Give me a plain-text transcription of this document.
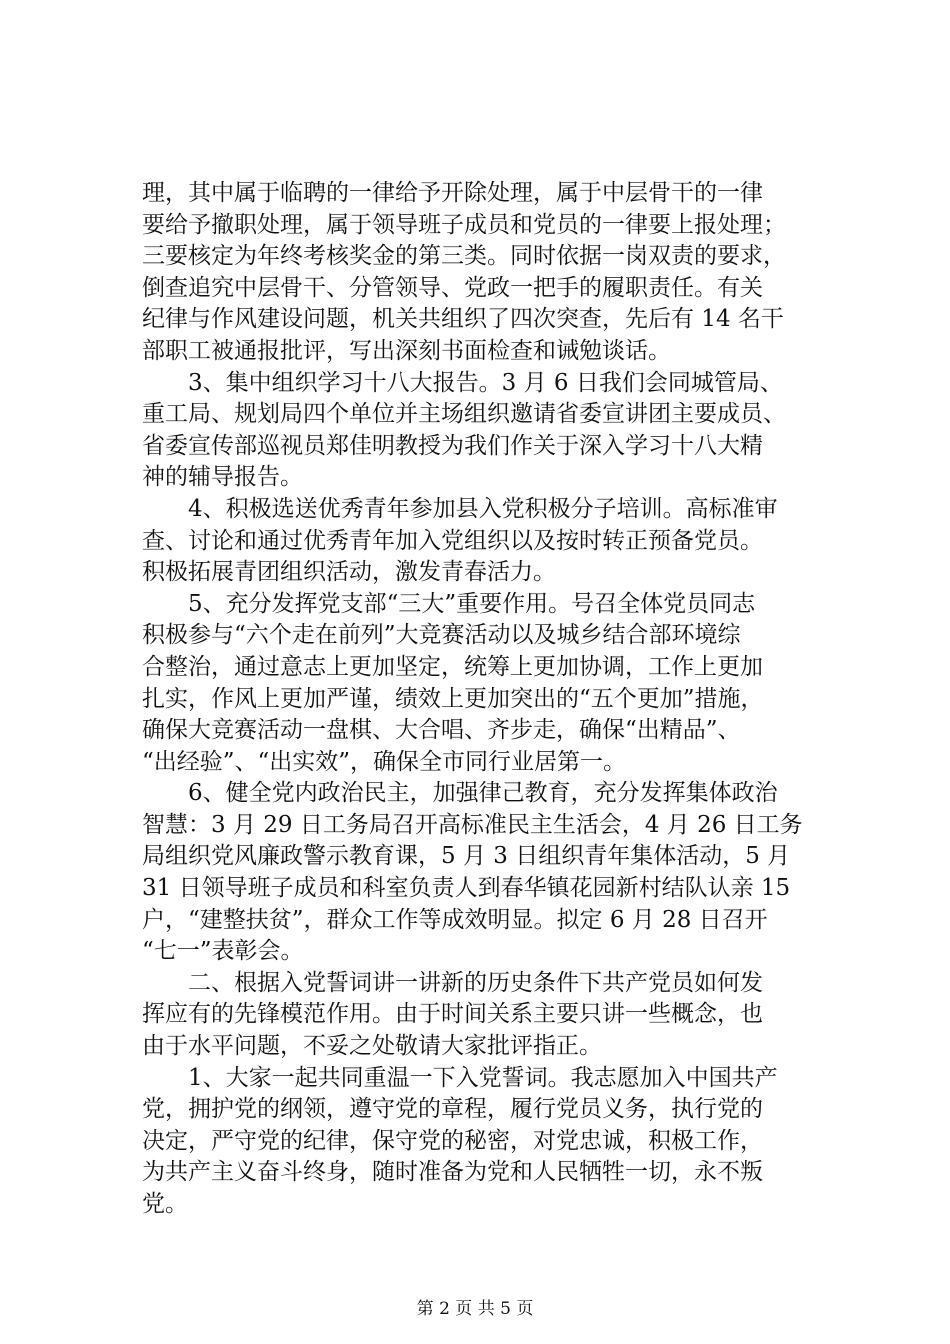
理，其中属于临聘的一律给予开除处理，属于中层骨干的一律
要给予撤职处理，属于领导班子成员和党员的一律要上报处理；
三要核定为年终考核奖金的第三类。同时依据一岗双责的要求，
倒查追究中层骨干、分管领导、党政一把手的履职责任。有关
纪律与作风建设问题，机关共组织了四次突查，先后有 14 名干
部职工被通报批评，写出深刻书面检查和诫勉谈话。
　　3、集中组织学习十八大报告。3 月 6 日我们会同城管局、
重工局、规划局四个单位并主场组织邀请省委宣讲团主要成员、
省委宣传部巡视员郑佳明教授为我们作关于深入学习十八大精
神的辅导报告。
　　4、积极选送优秀青年参加县入党积极分子培训。高标准审
查、讨论和通过优秀青年加入党组织以及按时转正预备党员。
积极拓展青团组织活动，激发青春活力。
　　5、充分发挥党支部“三大”重要作用。号召全体党员同志
积极参与“六个走在前列”大竞赛活动以及城乡结合部环境综
合整治，通过意志上更加坚定，统筹上更加协调，工作上更加
扎实，作风上更加严谨，绩效上更加突出的“五个更加”措施，
确保大竞赛活动一盘棋、大合唱、齐步走，确保“出精品”、
“出经验”、“出实效”，确保全市同行业居第一。
　　6、健全党内政治民主，加强律己教育，充分发挥集体政治
智慧：3 月 29 日工务局召开高标准民主生活会，4 月 26 日工务
局组织党风廉政警示教育课，5 月 3 日组织青年集体活动，5 月
31 日领导班子成员和科室负责人到春华镇花园新村结队认亲 15
户，“建整扶贫”，群众工作等成效明显。拟定 6 月 28 日召开
“七一”表彰会。
　　二、根据入党誓词讲一讲新的历史条件下共产党员如何发
挥应有的先锋模范作用。由于时间关系主要只讲一些概念，也
由于水平问题，不妥之处敬请大家批评指正。
　　1、大家一起共同重温一下入党誓词。我志愿加入中国共产
党，拥护党的纲领，遵守党的章程，履行党员义务，执行党的
决定，严守党的纪律，保守党的秘密，对党忠诚，积极工作，
为共产主义奋斗终身，随时准备为党和人民牺牲一切，永不叛
党。
第 2 页 共 5 页
